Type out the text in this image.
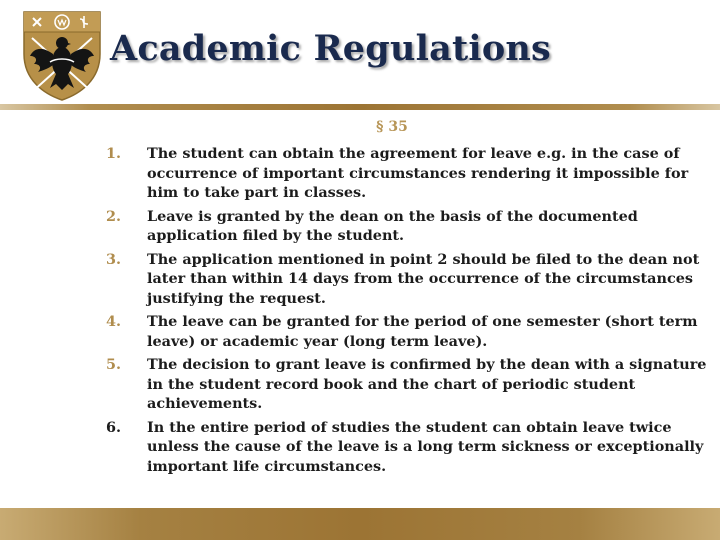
Academic Regulations
§ 35
1. The student can obtain the agreement for leave e.g. in the case of occurrence of important circumstances rendering it impossible for him to take part in classes.
2. Leave is granted by the dean on the basis of the documented application filed by the student.
3. The application mentioned in point 2 should be filed to the dean not later than within 14 days from the occurrence of the circumstances justifying the request.
4. The leave can be granted for the period of one semester (short term leave) or academic year (long term leave).
5. The decision to grant leave is confirmed by the dean with a signature in the student record book and the chart of periodic student achievements.
6. In the entire period of studies the student can obtain leave twice unless the cause of the leave is a long term sickness or exceptionally important life circumstances.
